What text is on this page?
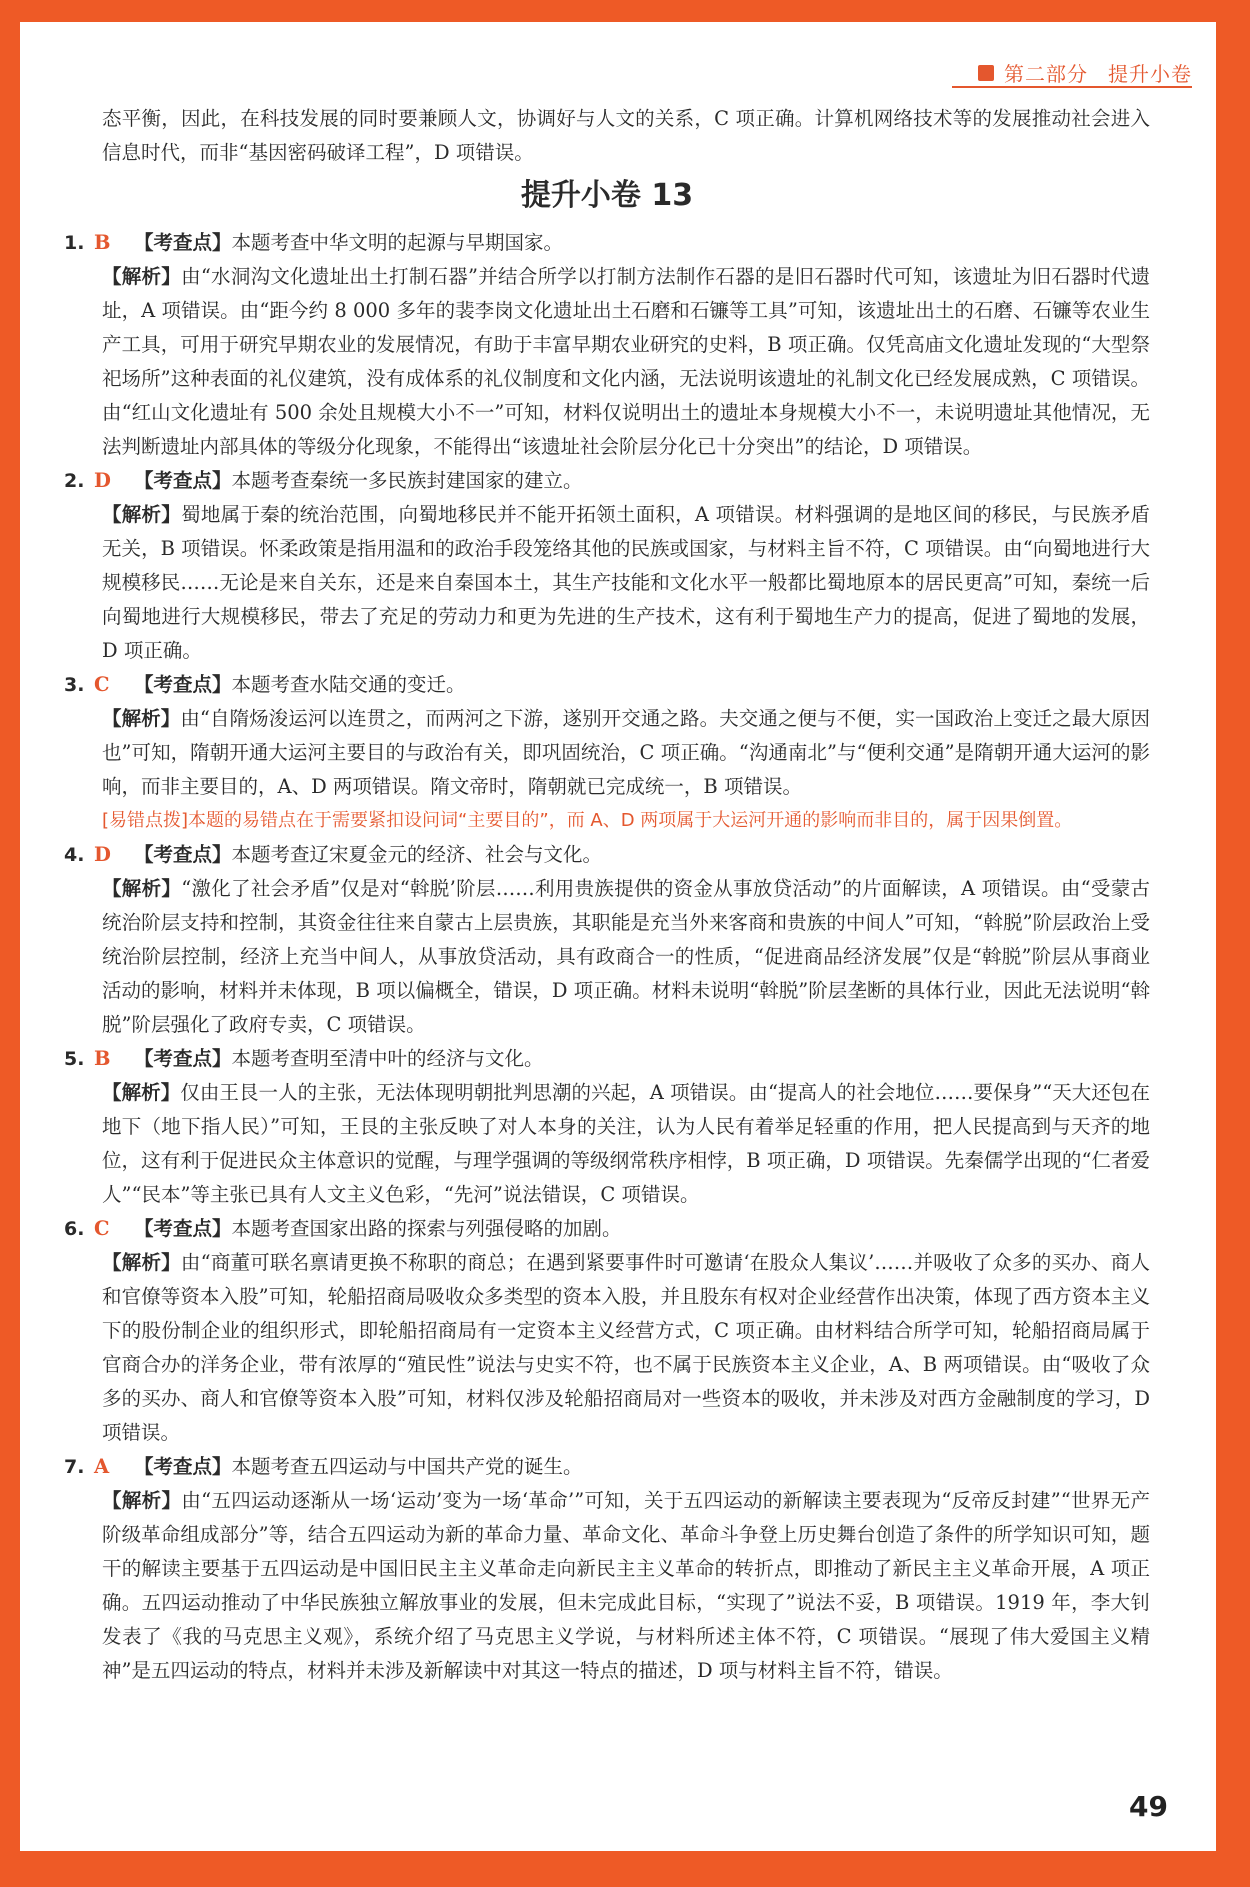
第二部分 提升小卷

态平衡，因此，在科技发展的同时要兼顾人文，协调好与人文的关系，C 项正确。计算机网络技术等的发展推动社会进入信息时代，而非“基因密码破译工程”，D 项错误。

提升小卷 13
1. B	【考查点】本题考查中华文明的起源与早期国家。
【解析】由“水洞沟文化遗址出土打制石器”并结合所学以打制方法制作石器的是旧石器时代可知，该遗址为旧石器时代遗址，A 项错误。由“距今约 8 000 多年的裴李岗文化遗址出土石磨和石镰等工具”可知，该遗址出土的石磨、石镰等农业生产工具，可用于研究早期农业的发展情况，有助于丰富早期农业研究的史料，B 项正确。仅凭高庙文化遗址发现的“大型祭祀场所”这种表面的礼仪建筑，没有成体系的礼仪制度和文化内涵，无法说明该遗址的礼制文化已经发展成熟，C 项错误。由“红山文化遗址有 500 余处且规模大小不一”可知，材料仅说明出土的遗址本身规模大小不一，未说明遗址其他情况，无法判断遗址内部具体的等级分化现象，不能得出“该遗址社会阶层分化已十分突出”的结论，D 项错误。
2. D	【考查点】本题考查秦统一多民族封建国家的建立。
【解析】蜀地属于秦的统治范围，向蜀地移民并不能开拓领土面积，A 项错误。材料强调的是地区间的移民，与民族矛盾无关，B 项错误。怀柔政策是指用温和的政治手段笼络其他的民族或国家，与材料主旨不符，C 项错误。由“向蜀地进行大规模移民……无论是来自关东，还是来自秦国本土，其生产技能和文化水平一般都比蜀地原本的居民更高”可知，秦统一后向蜀地进行大规模移民，带去了充足的劳动力和更为先进的生产技术，这有利于蜀地生产力的提高，促进了蜀地的发展，D 项正确。
3. C	【考查点】本题考查水陆交通的变迁。
【解析】由“自隋炀浚运河以连贯之，而两河之下游，遂别开交通之路。夫交通之便与不便，实一国政治上变迁之最大原因也”可知，隋朝开通大运河主要目的与政治有关，即巩固统治，C 项正确。“沟通南北”与“便利交通”是隋朝开通大运河的影响，而非主要目的，A、D 两项错误。隋文帝时，隋朝就已完成统一，B 项错误。
[易错点拨]本题的易错点在于需要紧扣设问词“主要目的”，而 A、D 两项属于大运河开通的影响而非目的，属于因果倒置。
4. D	【考查点】本题考查辽宋夏金元的经济、社会与文化。
【解析】“激化了社会矛盾”仅是对“斡脱’阶层……利用贵族提供的资金从事放贷活动”的片面解读，A 项错误。由“受蒙古统治阶层支持和控制，其资金往往来自蒙古上层贵族，其职能是充当外来客商和贵族的中间人”可知，“斡脱”阶层政治上受统治阶层控制，经济上充当中间人，从事放贷活动，具有政商合一的性质，“促进商品经济发展”仅是“斡脱”阶层从事商业活动的影响，材料并未体现，B 项以偏概全，错误，D 项正确。材料未说明“斡脱”阶层垄断的具体行业，因此无法说明“斡脱”阶层强化了政府专卖，C 项错误。
5. B	【考查点】本题考查明至清中叶的经济与文化。
【解析】仅由王艮一人的主张，无法体现明朝批判思潮的兴起，A 项错误。由“提高人的社会地位……要保身”“天大还包在地下（地下指人民）”可知，王艮的主张反映了对人本身的关注，认为人民有着举足轻重的作用，把人民提高到与天齐的地位，这有利于促进民众主体意识的觉醒，与理学强调的等级纲常秩序相悖，B 项正确，D 项错误。先秦儒学出现的“仁者爱人”“民本”等主张已具有人文主义色彩，“先河”说法错误，C 项错误。
6. C	【考查点】本题考查国家出路的探索与列强侵略的加剧。
【解析】由“商董可联名禀请更换不称职的商总；在遇到紧要事件时可邀请‘在股众人集议’……并吸收了众多的买办、商人和官僚等资本入股”可知，轮船招商局吸收众多类型的资本入股，并且股东有权对企业经营作出决策，体现了西方资本主义下的股份制企业的组织形式，即轮船招商局有一定资本主义经营方式，C 项正确。由材料结合所学可知，轮船招商局属于官商合办的洋务企业，带有浓厚的“殖民性”说法与史实不符，也不属于民族资本主义企业，A、B 两项错误。由“吸收了众多的买办、商人和官僚等资本入股”可知，材料仅涉及轮船招商局对一些资本的吸收，并未涉及对西方金融制度的学习，D 项错误。
7. A	【考查点】本题考查五四运动与中国共产党的诞生。
【解析】由“五四运动逐渐从一场‘运动’变为一场‘革命’”可知，关于五四运动的新解读主要表现为“反帝反封建”“世界无产阶级革命组成部分”等，结合五四运动为新的革命力量、革命文化、革命斗争登上历史舞台创造了条件的所学知识可知，题干的解读主要基于五四运动是中国旧民主主义革命走向新民主主义革命的转折点，即推动了新民主主义革命开展，A 项正确。五四运动推动了中华民族独立解放事业的发展，但未完成此目标，“实现了”说法不妥，B 项错误。1919 年，李大钊发表了《我的马克思主义观》，系统介绍了马克思主义学说，与材料所述主体不符，C 项错误。“展现了伟大爱国主义精神”是五四运动的特点，材料并未涉及新解读中对其这一特点的描述，D 项与材料主旨不符，错误。
49
